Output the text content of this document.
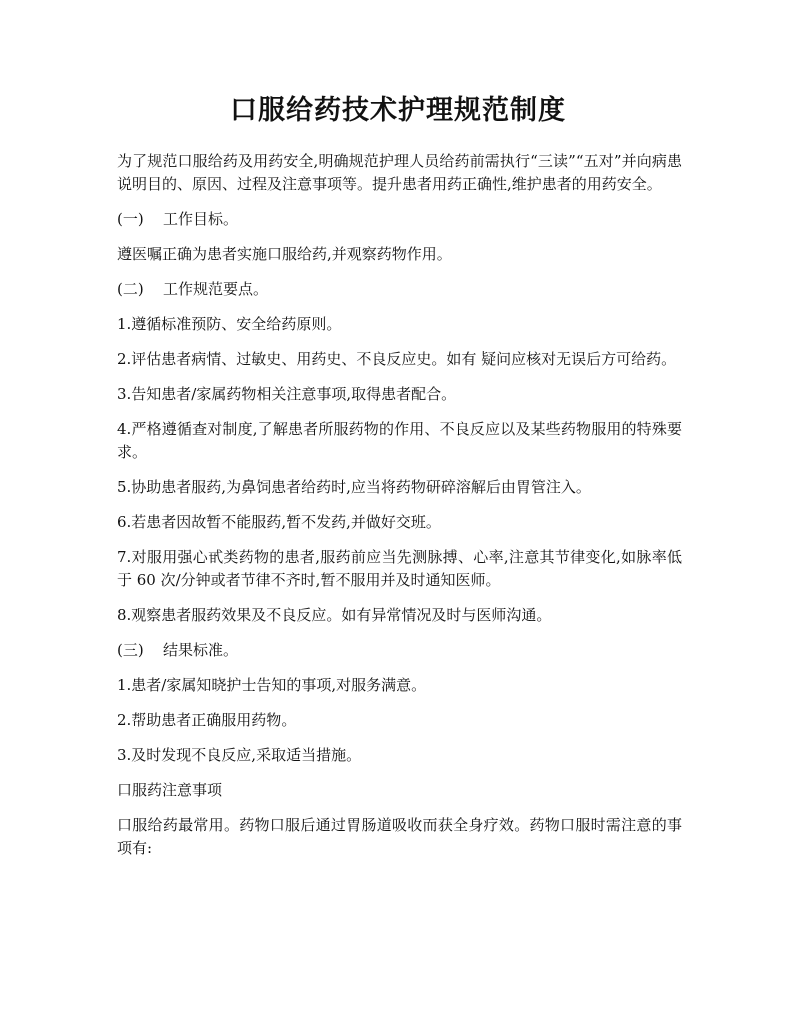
口服给药技术护理规范制度

为了规范口服给药及用药安全,明确规范护理人员给药前需执行“三读”“五对”并向病患说明目的、原因、过程及注意事项等。提升患者用药正确性,维护患者的用药安全。

(一) 工作目标。

遵医嘱正确为患者实施口服给药,并观察药物作用。

(二) 工作规范要点。

1.遵循标准预防、安全给药原则。

2.评估患者病情、过敏史、用药史、不良反应史。如有 疑问应核对无误后方可给药。

3.告知患者/家属药物相关注意事项,取得患者配合。

4.严格遵循查对制度,了解患者所服药物的作用、不良反应以及某些药物服用的特殊要求。

5.协助患者服药,为鼻饲患者给药时,应当将药物研碎溶解后由胃管注入。

6.若患者因故暂不能服药,暂不发药,并做好交班。

7.对服用强心甙类药物的患者,服药前应当先测脉搏、心率,注意其节律变化,如脉率低于 60 次/分钟或者节律不齐时,暂不服用并及时通知医师。

8.观察患者服药效果及不良反应。如有异常情况及时与医师沟通。

(三) 结果标准。

1.患者/家属知晓护士告知的事项,对服务满意。

2.帮助患者正确服用药物。

3.及时发现不良反应,采取适当措施。

口服药注意事项

口服给药最常用。药物口服后通过胃肠道吸收而获全身疗效。药物口服时需注意的事项有:
